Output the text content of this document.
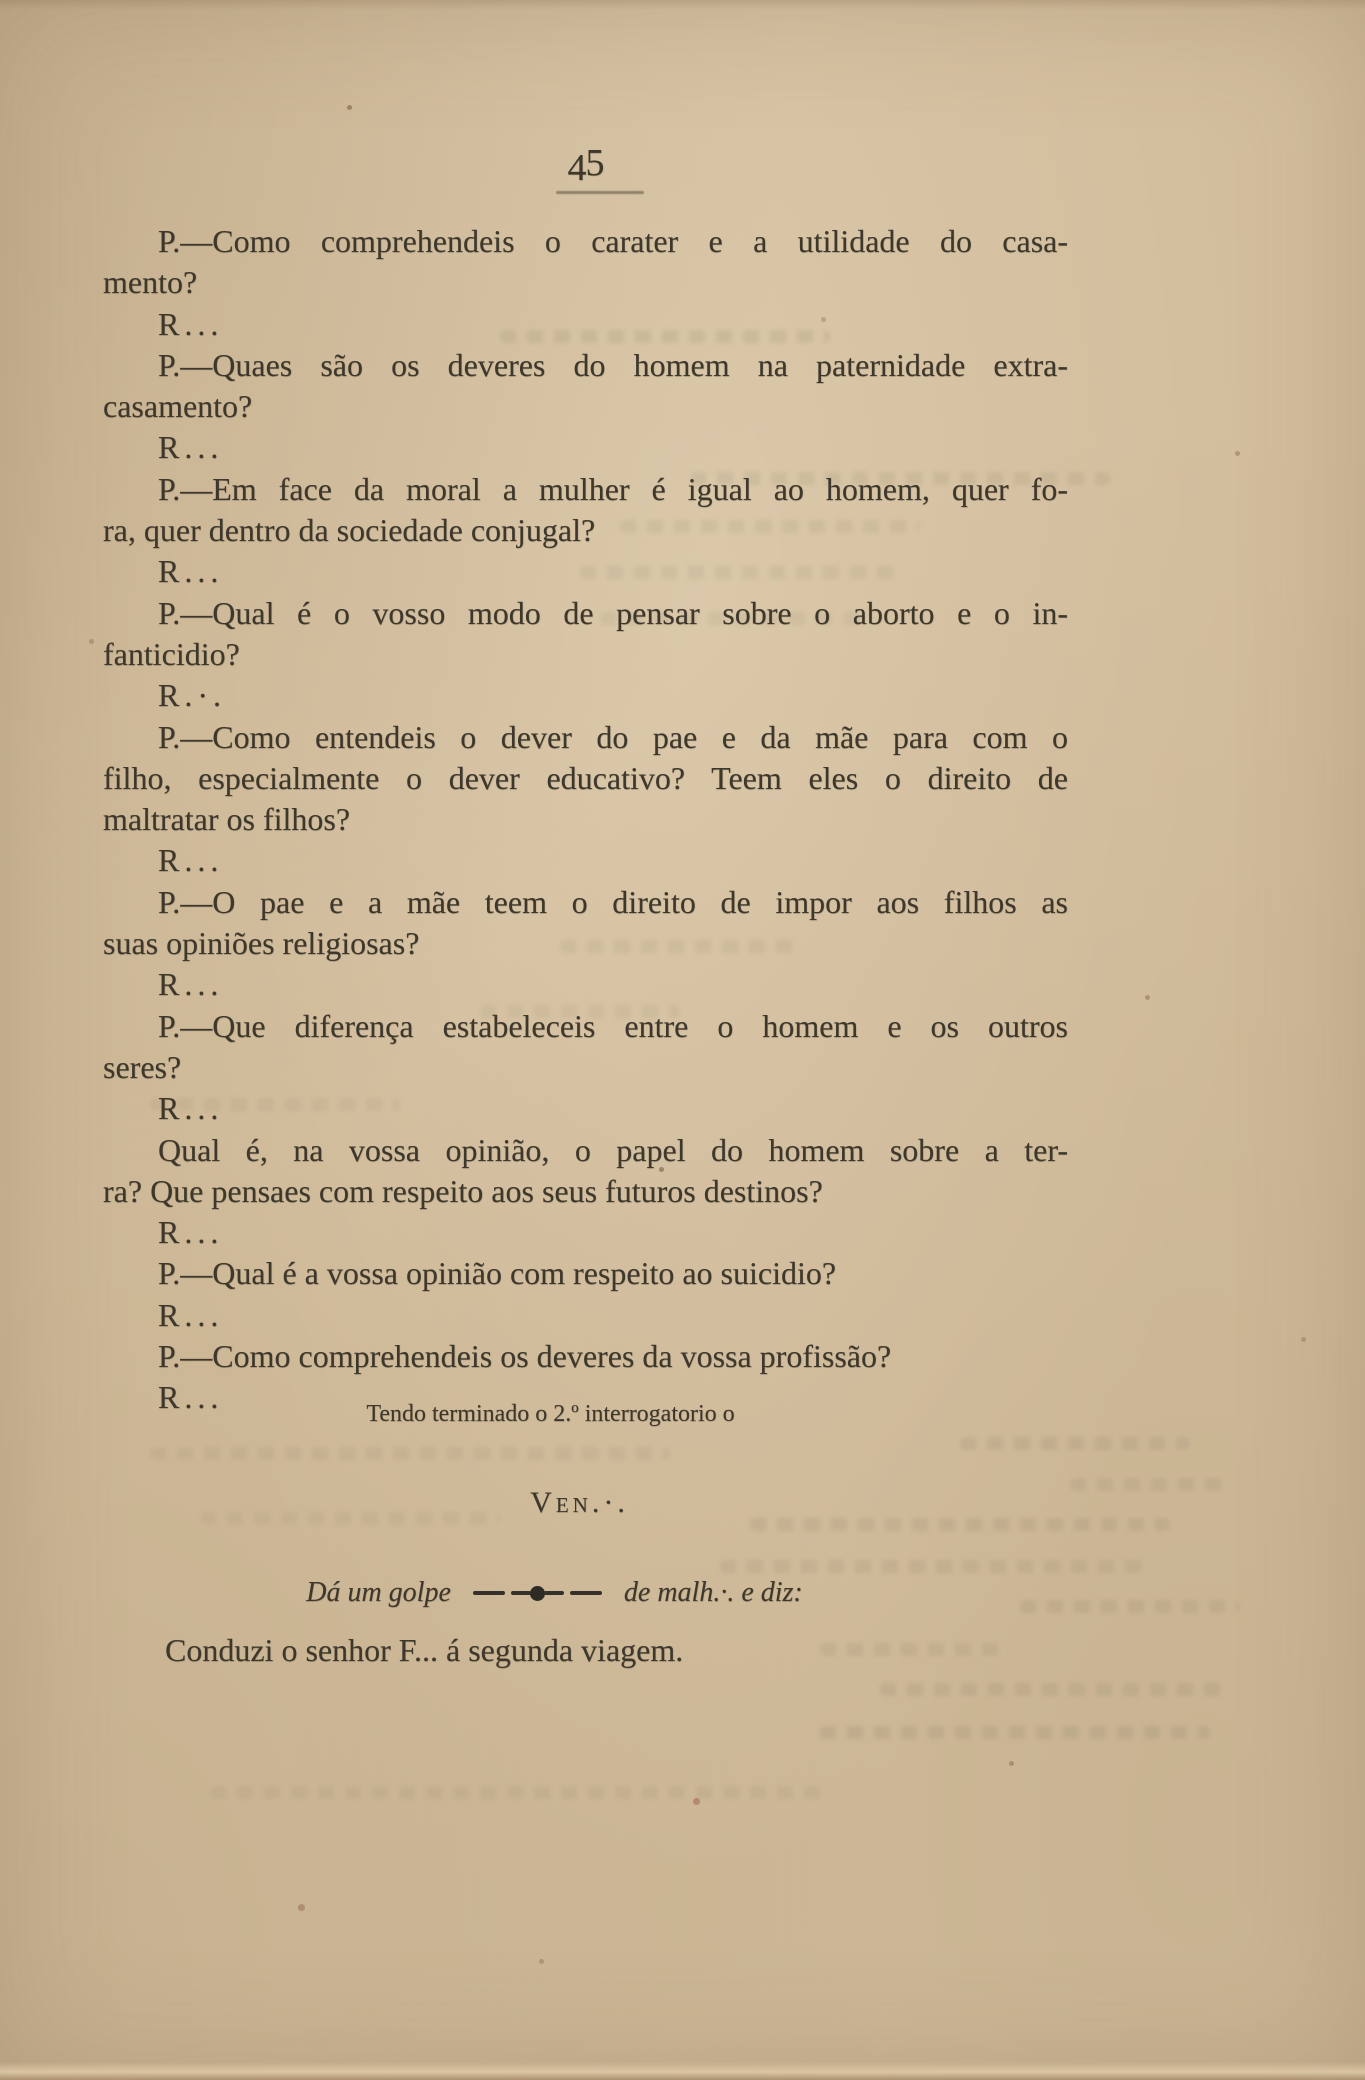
45
P.—Como comprehendeis o carater e a utilidade do casa-
mento?
R...
P.—Quaes são os deveres do homem na paternidade extra-
casamento?
R...
P.—Em face da moral a mulher é igual ao homem, quer fo-
ra, quer dentro da sociedade conjugal?
R...
P.—Qual é o vosso modo de pensar sobre o aborto e o in-
fanticidio?
R.·.
P.—Como entendeis o dever do pae e da mãe para com o
filho, especialmente o dever educativo? Teem eles o direito de
maltratar os filhos?
R...
P.—O pae e a mãe teem o direito de impor aos filhos as
suas opiniões religiosas?
R...
P.—Que diferença estabeleceis entre o homem e os outros
seres?
R...
Qual é, na vossa opinião, o papel do homem sobre a ter-
ra? Que pensaes com respeito aos seus futuros destinos?
R...
P.—Qual é a vossa opinião com respeito ao suicidio?
R...
P.—Como comprehendeis os deveres da vossa profissão?
R...	Tendo terminado o 2.º interrogatorio o
Ven.·.
Dá um golpe	de malh.·. e diz:
Conduzi o senhor F... á segunda viagem.
